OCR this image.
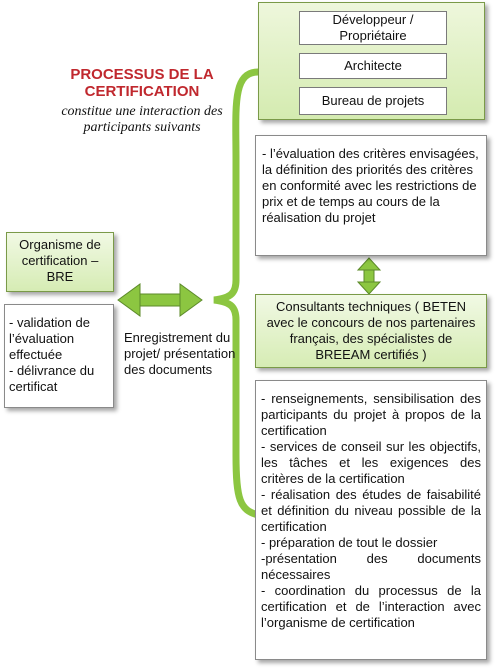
PROCESSUS DE LA
CERTIFICATION
constitue une interaction des
participants suivants
Développeur / Propriétaire
Architecte
Bureau de projets
- l’évaluation des critères envisagées, la définition des priorités des critères en conformité avec les restrictions de prix et de temps au cours de la réalisation du projet
Consultants techniques ( BETEN avec le concours de nos partenaires français, des spécialistes de BREEAM certifiés )
- renseignements, sensibilisation des participants du projet à propos de la certification
- services de conseil sur les objectifs, les tâches et les exigences des critères de la certification
- réalisation des études de faisabilité et définition du niveau possible de la certification
- préparation de tout le dossier
-présentation des documents nécessaires
- coordination du processus de la certification et de l’interaction avec l’organisme de certification
Organisme de certification – BRE
- validation de l’évaluation effectuée
- délivrance du certificat
Enregistrement du projet/ présentation des documents
